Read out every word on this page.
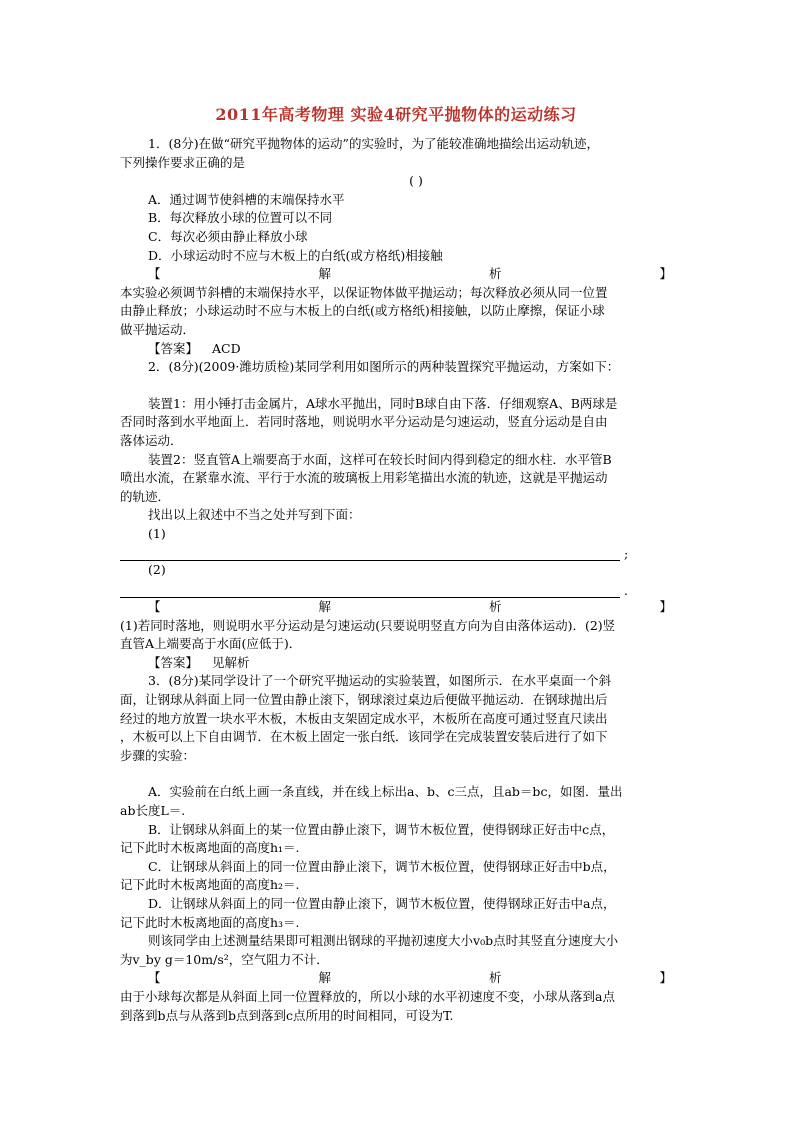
2011年高考物理 实验4研究平抛物体的运动练习

1．(8分)在做“研究平抛物体的运动”的实验时，为了能较准确地描绘出运动轨迹，

下列操作要求正确的是

( )

A．通过调节使斜槽的末端保持水平

B．每次释放小球的位置可以不同

C．每次必须由静止释放小球

D．小球运动时不应与木板上的白纸(或方格纸)相接触

【	解	析	】

本实验必须调节斜槽的末端保持水平，以保证物体做平抛运动；每次释放必须从同一位置

由静止释放；小球运动时不应与木板上的白纸(或方格纸)相接触，以防止摩擦，保证小球

做平抛运动．

【答案】 ACD

2．(8分)(2009·潍坊质检)某同学利用如图所示的两种装置探究平抛运动，方案如下：

装置1：用小锤打击金属片，A球水平抛出，同时B球自由下落．仔细观察A、B两球是

否同时落到水平地面上．若同时落地，则说明水平分运动是匀速运动，竖直分运动是自由

落体运动．

装置2：竖直管A上端要高于水面，这样可在较长时间内得到稳定的细水柱．水平管B

喷出水流，在紧靠水流、平行于水流的玻璃板上用彩笔描出水流的轨迹，这就是平抛运动

的轨迹．

找出以上叙述中不当之处并写到下面：

(1)

;

(2)

.
【	解	析	】

(1)若同时落地，则说明水平分运动是匀速运动(只要说明竖直方向为自由落体运动)．(2)竖

直管A上端要高于水面(应低于)．

【答案】 见解析

3．(8分)某同学设计了一个研究平抛运动的实验装置，如图所示．在水平桌面一个斜

面，让钢球从斜面上同一位置由静止滚下，钢球滚过桌边后便做平抛运动．在钢球抛出后

经过的地方放置一块水平木板，木板由支架固定成水平，木板所在高度可通过竖直尺读出

，木板可以上下自由调节．在木板上固定一张白纸．该同学在完成装置安装后进行了如下

步骤的实验：

A．实验前在白纸上画一条直线，并在线上标出a、b、c三点，且ab＝bc，如图．量出

ab长度L＝.

B．让钢球从斜面上的某一位置由静止滚下，调节木板位置，使得钢球正好击中c点，

记下此时木板离地面的高度h₁＝.

C．让钢球从斜面上的同一位置由静止滚下，调节木板位置，使得钢球正好击中b点，

记下此时木板离地面的高度h₂＝.

D．让钢球从斜面上的同一位置由静止滚下，调节木板位置，使得钢球正好击中a点，

记下此时木板离地面的高度h₃＝.

则该同学由上述测量结果即可粗测出钢球的平抛初速度大小v₀b点时其竖直分速度大小

为v_by g＝10m/s²，空气阻力不计．

【	解	析	】

由于小球每次都是从斜面上同一位置释放的，所以小球的水平初速度不变，小球从落到a点

到落到b点与从落到b点到落到c点所用的时间相同，可设为T.
